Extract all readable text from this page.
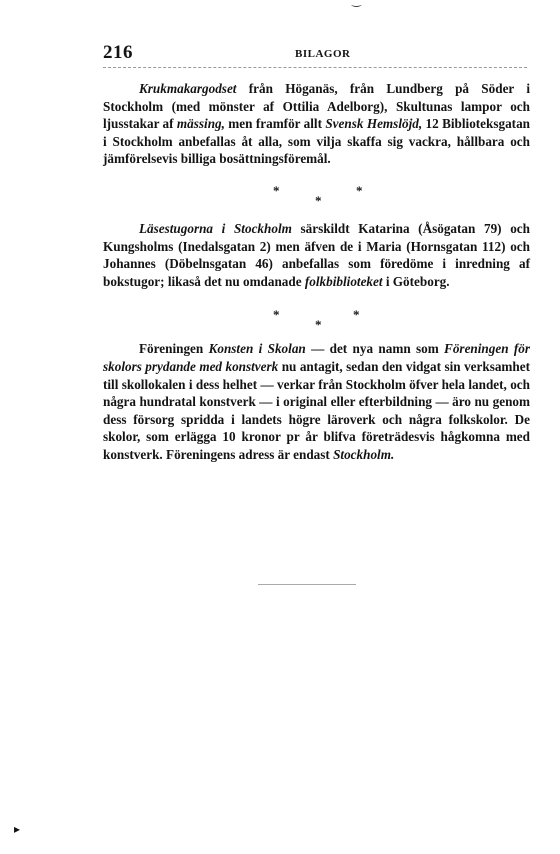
‿
216	BILAGOR

Krukmakargodset från Höganäs, från Lundberg på Söder i Stockholm (med mönster af Ottilia Adelborg), Skultunas lampor och ljusstakar af mässing, men framför allt Svensk Hemslöjd, 12 Biblioteksgatan i Stockholm anbefallas åt alla, som vilja skaffa sig vackra, hållbara och jämförelsevis billiga bosättningsföremål.

*
*
*

Läsestugorna i Stockholm särskildt Katarina (Åsögatan 79) och Kungsholms (Inedalsgatan 2) men äfven de i Maria (Hornsgatan 112) och Johannes (Döbelnsgatan 46) anbefallas som föredöme i inredning af bokstugor; likaså det nu omdanade folkbiblioteket i Göteborg.

*
*
*

Föreningen Konsten i Skolan — det nya namn som Föreningen för skolors prydande med konstverk nu antagit, sedan den vidgat sin verksamhet till skollokalen i dess helhet — verkar från Stockholm öfver hela landet, och några hundratal konstverk — i original eller efterbildning — äro nu genom dess försorg spridda i landets högre läroverk och några folkskolor. De skolor, som erlägga 10 kronor pr år blifva företrädesvis hågkomna med konstverk. Föreningens adress är endast Stockholm.

▸
